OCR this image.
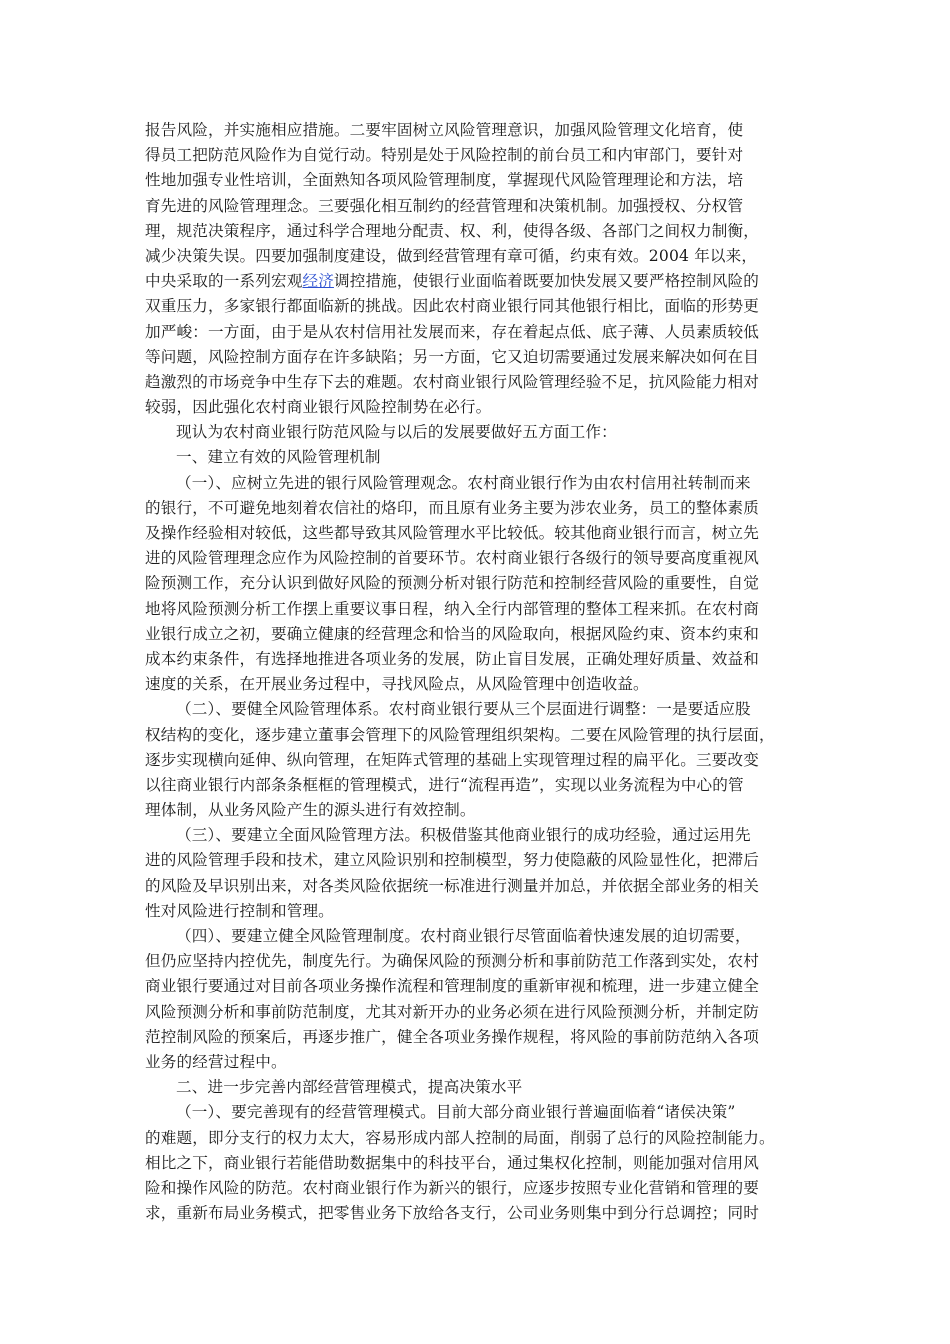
报告风险，并实施相应措施。二要牢固树立风险管理意识，加强风险管理文化培育，使
得员工把防范风险作为自觉行动。特别是处于风险控制的前台员工和内审部门，要针对
性地加强专业性培训，全面熟知各项风险管理制度，掌握现代风险管理理论和方法，培
育先进的风险管理理念。三要强化相互制约的经营管理和决策机制。加强授权、分权管
理，规范决策程序，通过科学合理地分配责、权、利，使得各级、各部门之间权力制衡，
减少决策失误。四要加强制度建设，做到经营管理有章可循，约束有效。2004 年以来，
中央采取的一系列宏观经济调控措施，使银行业面临着既要加快发展又要严格控制风险的
双重压力，多家银行都面临新的挑战。因此农村商业银行同其他银行相比，面临的形势更
加严峻：一方面，由于是从农村信用社发展而来，存在着起点低、底子薄、人员素质较低
等问题，风险控制方面存在许多缺陷；另一方面，它又迫切需要通过发展来解决如何在目
趋激烈的市场竞争中生存下去的难题。农村商业银行风险管理经验不足，抗风险能力相对
较弱，因此强化农村商业银行风险控制势在必行。
现认为农村商业银行防范风险与以后的发展要做好五方面工作：
一、建立有效的风险管理机制
（一）、应树立先进的银行风险管理观念。农村商业银行作为由农村信用社转制而来
的银行，不可避免地刻着农信社的烙印，而且原有业务主要为涉农业务，员工的整体素质
及操作经验相对较低，这些都导致其风险管理水平比较低。较其他商业银行而言，树立先
进的风险管理理念应作为风险控制的首要环节。农村商业银行各级行的领导要高度重视风
险预测工作，充分认识到做好风险的预测分析对银行防范和控制经营风险的重要性，自觉
地将风险预测分析工作摆上重要议事日程，纳入全行内部管理的整体工程来抓。在农村商
业银行成立之初，要确立健康的经营理念和恰当的风险取向，根据风险约束、资本约束和
成本约束条件，有选择地推进各项业务的发展，防止盲目发展，正确处理好质量、效益和
速度的关系，在开展业务过程中，寻找风险点，从风险管理中创造收益。
（二）、要健全风险管理体系。农村商业银行要从三个层面进行调整：一是要适应股
权结构的变化，逐步建立董事会管理下的风险管理组织架构。二要在风险管理的执行层面，
逐步实现横向延伸、纵向管理，在矩阵式管理的基础上实现管理过程的扁平化。三要改变
以往商业银行内部条条框框的管理模式，进行“流程再造”，实现以业务流程为中心的管
理体制，从业务风险产生的源头进行有效控制。
（三）、要建立全面风险管理方法。积极借鉴其他商业银行的成功经验，通过运用先
进的风险管理手段和技术，建立风险识别和控制模型，努力使隐蔽的风险显性化，把滞后
的风险及早识别出来，对各类风险依据统一标准进行测量并加总，并依据全部业务的相关
性对风险进行控制和管理。
（四）、要建立健全风险管理制度。农村商业银行尽管面临着快速发展的迫切需要，
但仍应坚持内控优先，制度先行。为确保风险的预测分析和事前防范工作落到实处，农村
商业银行要通过对目前各项业务操作流程和管理制度的重新审视和梳理，进一步建立健全
风险预测分析和事前防范制度，尤其对新开办的业务必须在进行风险预测分析，并制定防
范控制风险的预案后，再逐步推广，健全各项业务操作规程，将风险的事前防范纳入各项
业务的经营过程中。
二、进一步完善内部经营管理模式，提高决策水平
（一）、要完善现有的经营管理模式。目前大部分商业银行普遍面临着“诸侯决策”
的难题，即分支行的权力太大，容易形成内部人控制的局面，削弱了总行的风险控制能力。
相比之下，商业银行若能借助数据集中的科技平台，通过集权化控制，则能加强对信用风
险和操作风险的防范。农村商业银行作为新兴的银行，应逐步按照专业化营销和管理的要
求，重新布局业务模式，把零售业务下放给各支行，公司业务则集中到分行总调控；同时
